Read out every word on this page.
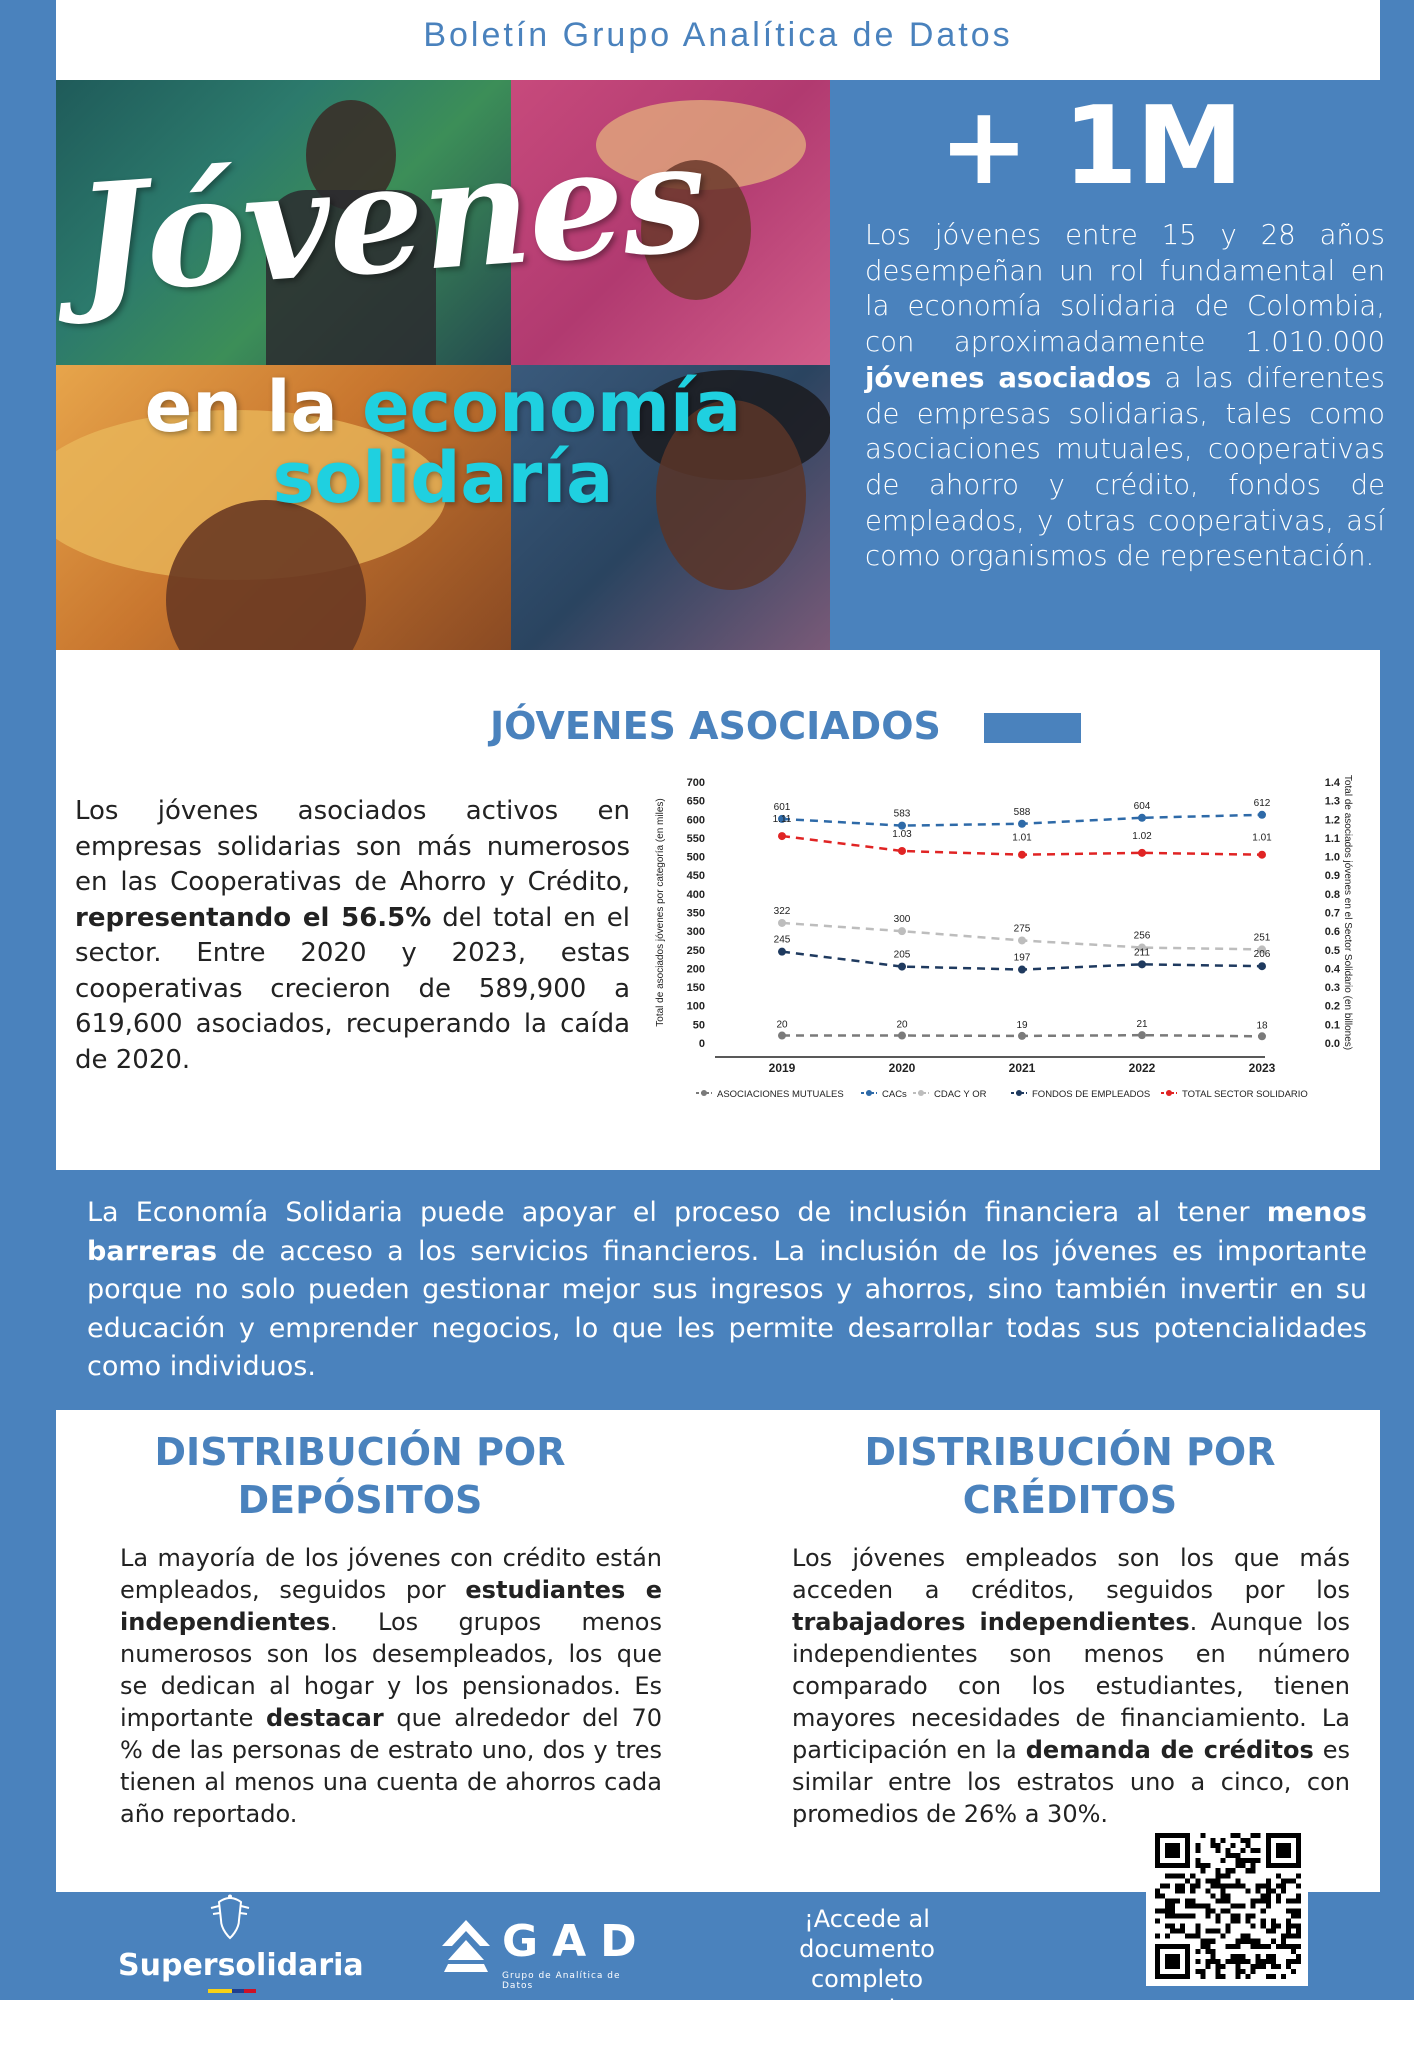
Boletín Grupo Analítica de Datos
Jóvenes
en la economía
solidaría
+ 1M
Los jóvenes entre 15 y 28 años desempeñan un rol fundamental en la economía solidaria de Colombia, con aproximadamente 1.010.000 jóvenes asociados a las diferentes de empresas solidarias, tales como asociaciones mutuales, cooperativas de ahorro y crédito, fondos de empleados, y otras cooperativas, así como organismos de representación.
JÓVENES ASOCIADOS
Los jóvenes asociados activos en empresas solidarias son más numerosos en las Cooperativas de Ahorro y Crédito, representando el 56.5% del total en el sector. Entre 2020 y 2023, estas cooperativas crecieron de 589,900 a 619,600 asociados, recuperando la caída de 2020.
700
650
600
550
500
450
400
350
300
250
200
150
100
50
0
1.4
1.3
1.2
1.1
1.0
0.9
0.8
0.7
0.6
0.5
0.4
0.3
0.2
0.1
0.0
Total de asociados jóvenes por categoría (en miles)	Total de asociados jóvenes en el Sector Solidario (en billones)
2019	2020	2021	2022	2023
20	20	19	21	18
601
583	588
604	612
322
300
275
256	251
245
205	197	211	206
1.11
1.03	1.01	1.02	1.01
ASOCIACIONES MUTUALES	CACs	CDAC Y OR	FONDOS DE EMPLEADOS	TOTAL SECTOR SOLIDARIO
La Economía Solidaria puede apoyar el proceso de inclusión financiera al tener menos barreras de acceso a los servicios financieros. La inclusión de los jóvenes es importante porque no solo pueden gestionar mejor sus ingresos y ahorros, sino también invertir en su educación y emprender negocios, lo que les permite desarrollar todas sus potencialidades como individuos.
DISTRIBUCIÓN POR
DEPÓSITOS
La mayoría de los jóvenes con crédito están empleados, seguidos por estudiantes e independientes. Los grupos menos numerosos son los desempleados, los que se dedican al hogar y los pensionados. Es importante destacar que alrededor del 70 % de las personas de estrato uno, dos y tres tienen al menos una cuenta de ahorros cada año reportado.
DISTRIBUCIÓN POR
CRÉDITOS
Los jóvenes empleados son los que más acceden a créditos, seguidos por los trabajadores independientes. Aunque los independientes son menos en número comparado con los estudiantes, tienen mayores necesidades de financiamiento. La participación en la demanda de créditos es similar entre los estratos uno a cinco, con promedios de 26% a 30%.
Supersolidaria	GAD
Grupo de Analítica de Datos
¡Accede al documento completo escaneando este código QR!
